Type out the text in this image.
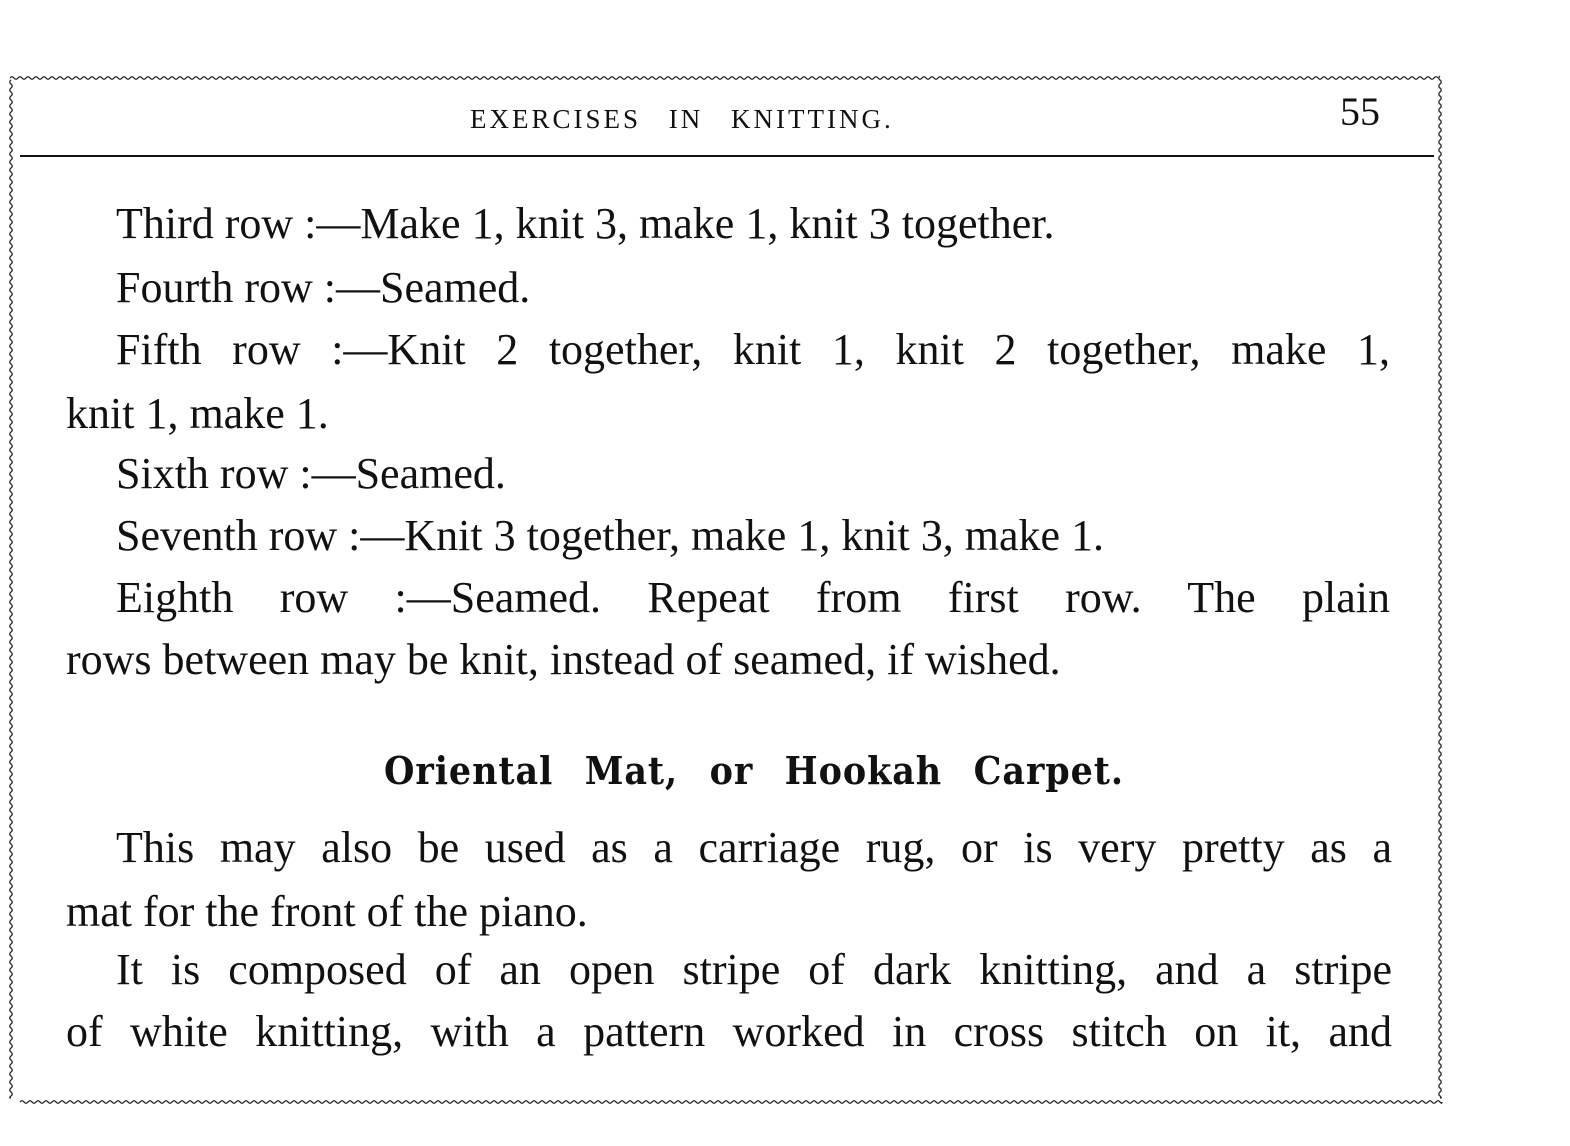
EXERCISES IN KNITTING.	55
Third row :—Make 1, knit 3, make 1, knit 3 together.
Fourth row :—Seamed.
Fifth row :—Knit 2 together, knit 1, knit 2 together, make 1,
knit 1, make 1.
Sixth row :—Seamed.
Seventh row :—Knit 3 together, make 1, knit 3, make 1.
Eighth row :—Seamed. Repeat from first row. The plain
rows between may be knit, instead of seamed, if wished.
Oriental Mat, or Hookah Carpet.
This may also be used as a carriage rug, or is very pretty as a
mat for the front of the piano.
It is composed of an open stripe of dark knitting, and a stripe
of white knitting, with a pattern worked in cross stitch on it, and
